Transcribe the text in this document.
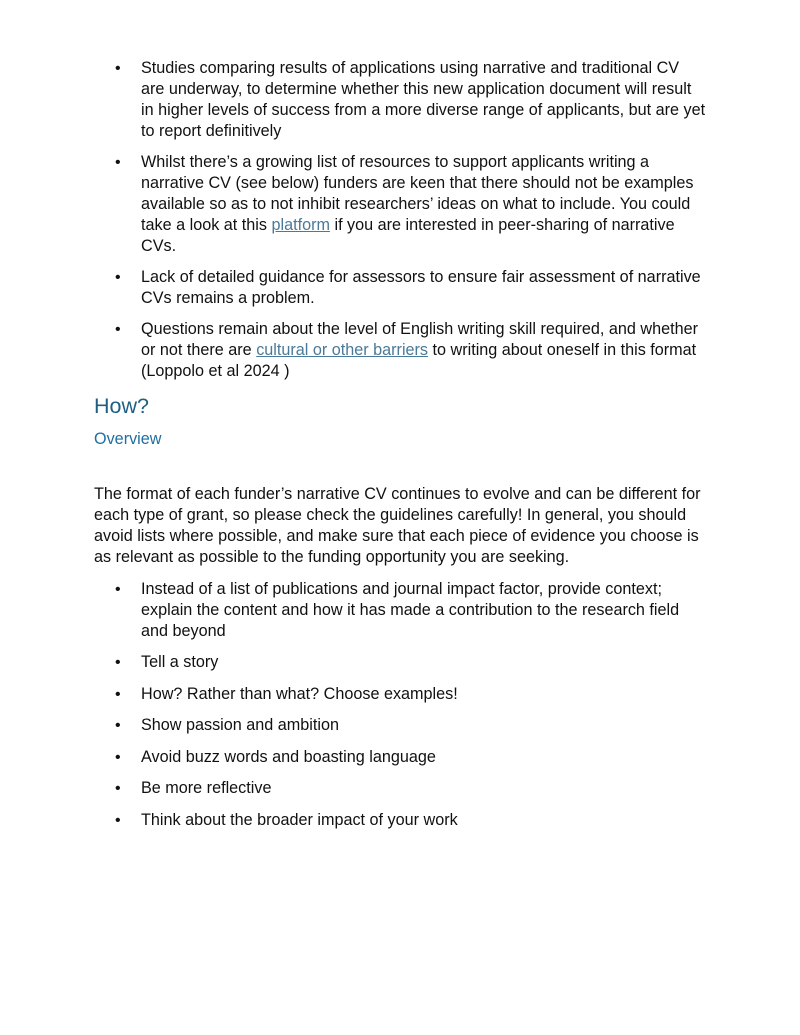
• Studies comparing results of applications using narrative and traditional CV are underway, to determine whether this new application document will result in higher levels of success from a more diverse range of applicants, but are yet to report definitively
• Whilst there’s a growing list of resources to support applicants writing a narrative CV (see below) funders are keen that there should not be examples available so as to not inhibit researchers’ ideas on what to include. You could take a look at this platform if you are interested in peer-sharing of narrative CVs.
• Lack of detailed guidance for assessors to ensure fair assessment of narrative CVs remains a problem.
• Questions remain about the level of English writing skill required, and whether or not there are cultural or other barriers to writing about oneself in this format (Loppolo et al 2024 )
How?
Overview

The format of each funder’s narrative CV continues to evolve and can be different for each type of grant, so please check the guidelines carefully! In general, you should avoid lists where possible, and make sure that each piece of evidence you choose is as relevant as possible to the funding opportunity you are seeking.

• Instead of a list of publications and journal impact factor, provide context; explain the content and how it has made a contribution to the research field and beyond
• Tell a story
• How? Rather than what? Choose examples!
• Show passion and ambition
• Avoid buzz words and boasting language
• Be more reflective
• Think about the broader impact of your work
